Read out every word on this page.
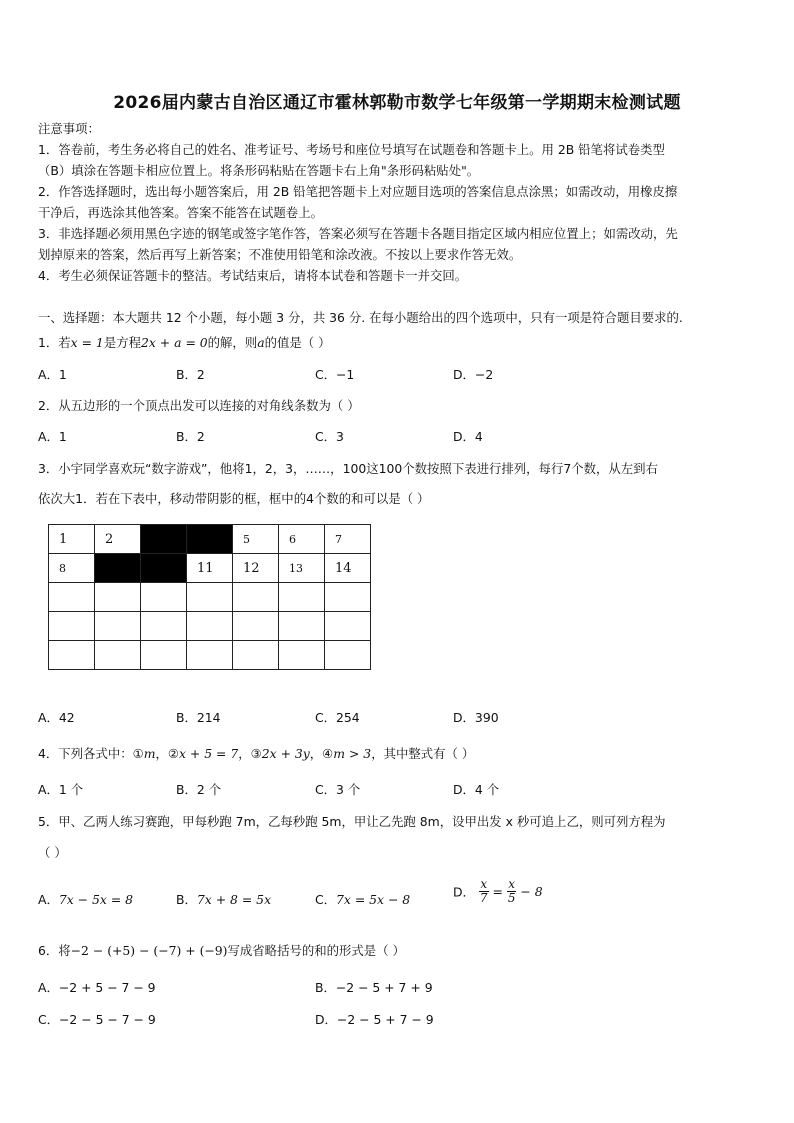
2026届内蒙古自治区通辽市霍林郭勒市数学七年级第一学期期末检测试题
注意事项：
1．答卷前，考生务必将自己的姓名、准考证号、考场号和座位号填写在试题卷和答题卡上。用 2B 铅笔将试卷类型
（B）填涂在答题卡相应位置上。将条形码粘贴在答题卡右上角"条形码粘贴处"。
2．作答选择题时，选出每小题答案后，用 2B 铅笔把答题卡上对应题目选项的答案信息点涂黑；如需改动，用橡皮擦
干净后，再选涂其他答案。答案不能答在试题卷上。
3．非选择题必须用黑色字迹的钢笔或签字笔作答，答案必须写在答题卡各题目指定区域内相应位置上；如需改动，先
划掉原来的答案，然后再写上新答案；不准使用铅笔和涂改液。不按以上要求作答无效。
4．考生必须保证答题卡的整洁。考试结束后，请将本试卷和答题卡一并交回。
一、选择题：本大题共 12 个小题，每小题 3 分，共 36 分. 在每小题给出的四个选项中，只有一项是符合题目要求的.
1．若x = 1是方程2x + a = 0的解，则a的值是（ ）
A．1	B．2	C．−1	D．−2
2．从五边形的一个顶点出发可以连接的对角线条数为（ ）
A．1	B．2	C．3	D．4
3．小宇同学喜欢玩“数字游戏”，他将1，2，3，……，100这100个数按照下表进行排列，每行7个数，从左到右
依次大1．若在下表中，移动带阴影的框，框中的4个数的和可以是（ ）
1	2			5	6	7
8			11	12	13	14

A．42	B．214	C．254	D．390
4．下列各式中：①m，②x + 5 = 7，③2x + 3y，④m > 3，其中整式有（ ）
A．1 个	B．2 个	C．3 个	D．4 个
5．甲、乙两人练习赛跑，甲每秒跑 7m，乙每秒跑 5m，甲让乙先跑 8m，设甲出发 x 秒可追上乙，则可列方程为
（ ）
A．7x − 5x = 8	B．7x + 8 = 5x	C．7x = 5x − 8	D． $\frac{x}{7} = \frac{x}{5} - 8$
6．将−2 − (+5) − (−7) + (−9)写成省略括号的和的形式是（ ）
A．−2 + 5 − 7 − 9	B．−2 − 5 + 7 + 9
C．−2 − 5 − 7 − 9	D．−2 − 5 + 7 − 9
